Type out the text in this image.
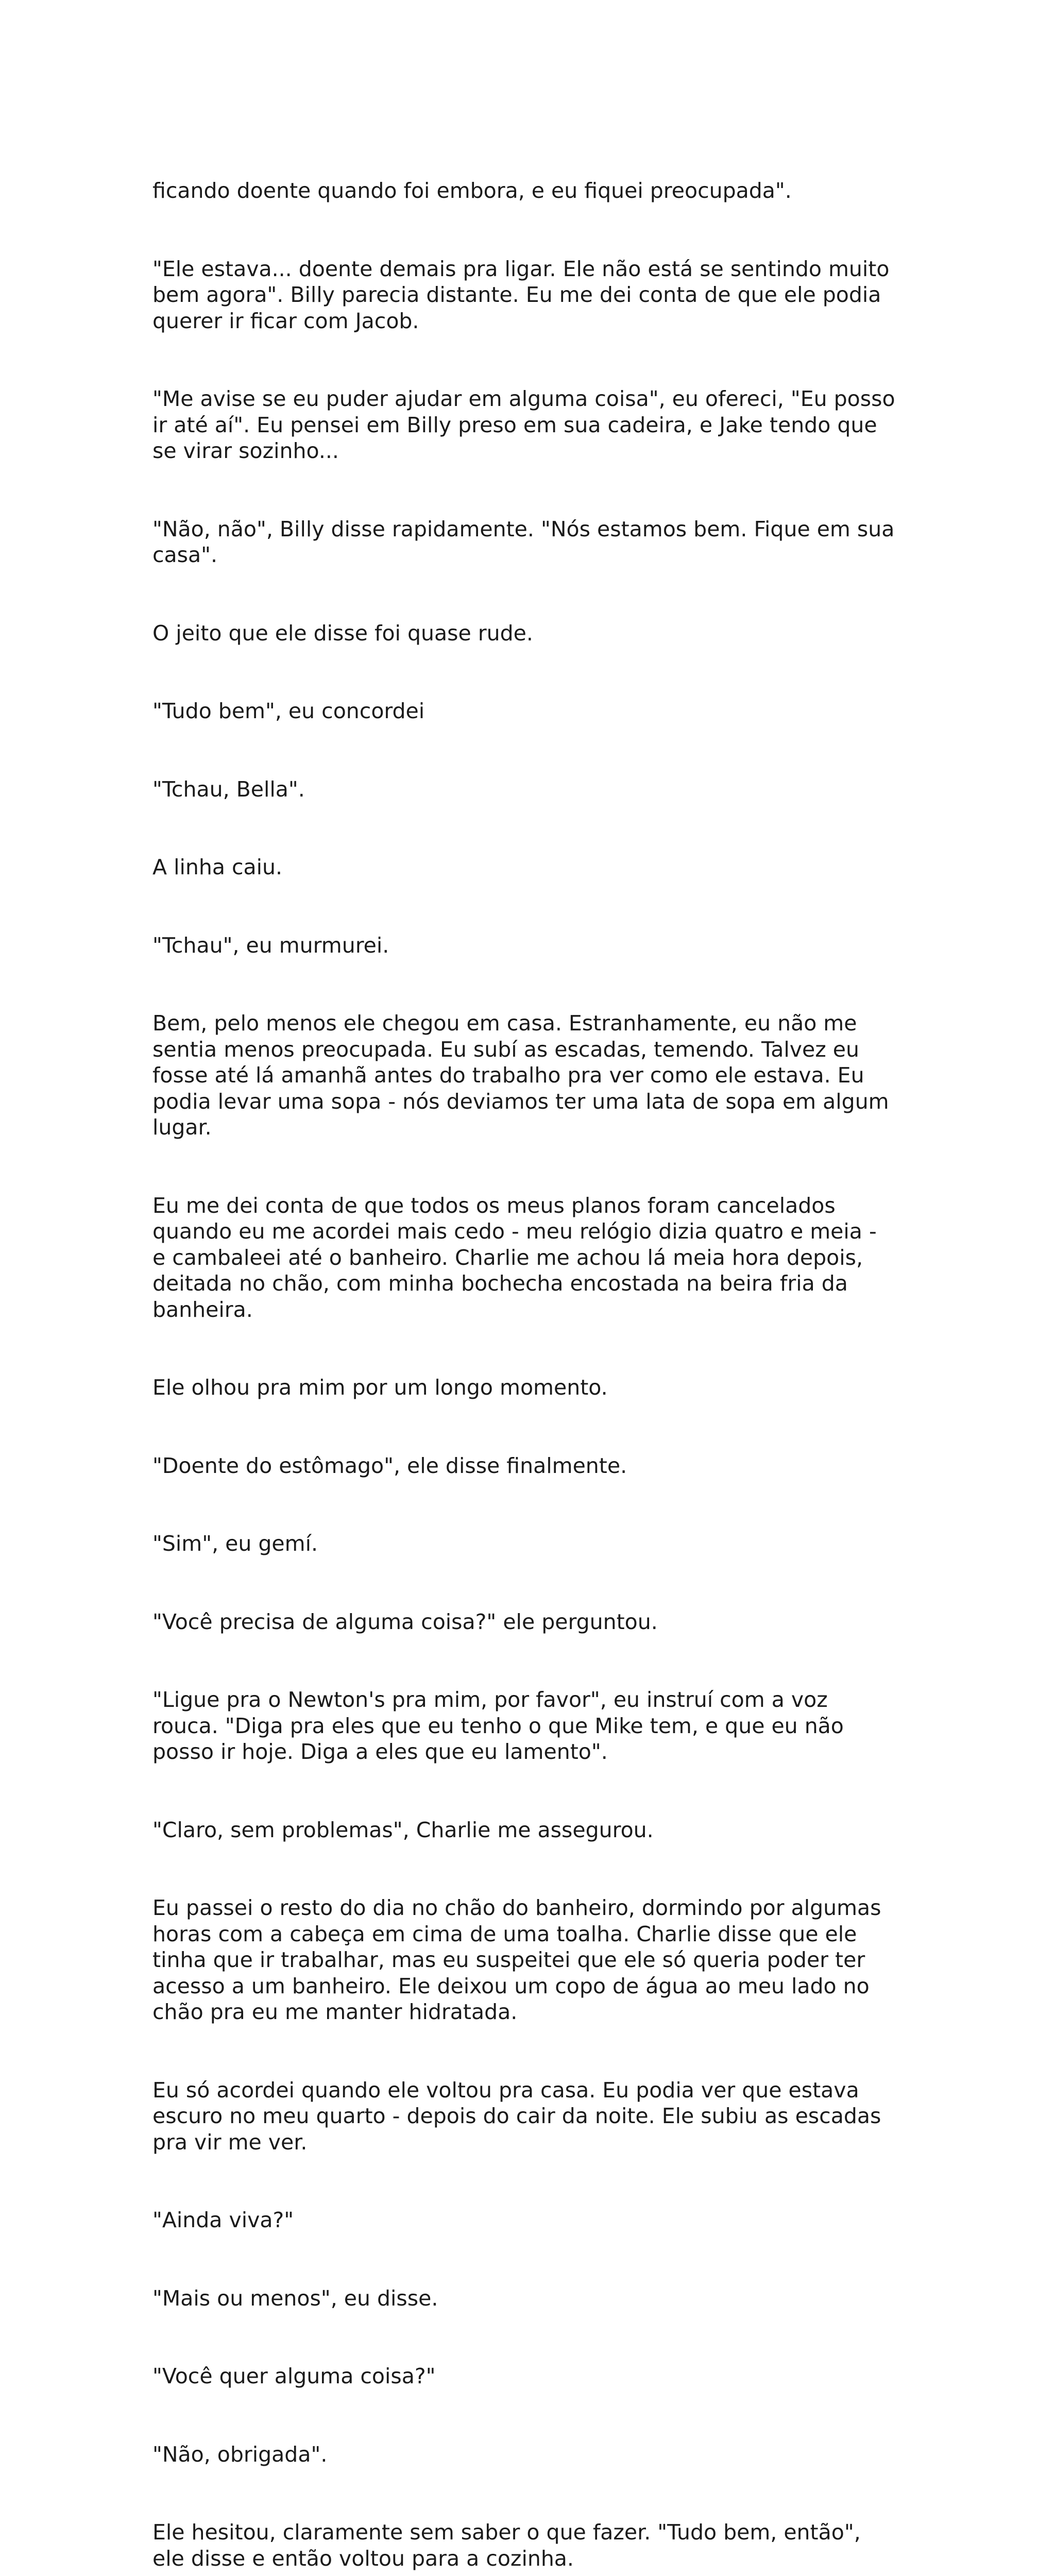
ficando doente quando foi embora, e eu fiquei preocupada".

"Ele estava... doente demais pra ligar. Ele não está se sentindo muito
bem agora". Billy parecia distante. Eu me dei conta de que ele podia
querer ir ficar com Jacob.

"Me avise se eu puder ajudar em alguma coisa", eu ofereci, "Eu posso
ir até aí". Eu pensei em Billy preso em sua cadeira, e Jake tendo que
se virar sozinho...

"Não, não", Billy disse rapidamente. "Nós estamos bem. Fique em sua
casa".

O jeito que ele disse foi quase rude.

"Tudo bem", eu concordei

"Tchau, Bella".

A linha caiu.

"Tchau", eu murmurei.

Bem, pelo menos ele chegou em casa. Estranhamente, eu não me
sentia menos preocupada. Eu subí as escadas, temendo. Talvez eu
fosse até lá amanhã antes do trabalho pra ver como ele estava. Eu
podia levar uma sopa - nós deviamos ter uma lata de sopa em algum
lugar.

Eu me dei conta de que todos os meus planos foram cancelados
quando eu me acordei mais cedo - meu relógio dizia quatro e meia -
e cambaleei até o banheiro. Charlie me achou lá meia hora depois,
deitada no chão, com minha bochecha encostada na beira fria da
banheira.

Ele olhou pra mim por um longo momento.

"Doente do estômago", ele disse finalmente.

"Sim", eu gemí.

"Você precisa de alguma coisa?" ele perguntou.

"Ligue pra o Newton's pra mim, por favor", eu instruí com a voz
rouca. "Diga pra eles que eu tenho o que Mike tem, e que eu não
posso ir hoje. Diga a eles que eu lamento".

"Claro, sem problemas", Charlie me assegurou.

Eu passei o resto do dia no chão do banheiro, dormindo por algumas
horas com a cabeça em cima de uma toalha. Charlie disse que ele
tinha que ir trabalhar, mas eu suspeitei que ele só queria poder ter
acesso a um banheiro. Ele deixou um copo de água ao meu lado no
chão pra eu me manter hidratada.

Eu só acordei quando ele voltou pra casa. Eu podia ver que estava
escuro no meu quarto - depois do cair da noite. Ele subiu as escadas
pra vir me ver.

"Ainda viva?"

"Mais ou menos", eu disse.

"Você quer alguma coisa?"

"Não, obrigada".

Ele hesitou, claramente sem saber o que fazer. "Tudo bem, então",
ele disse e então voltou para a cozinha.
